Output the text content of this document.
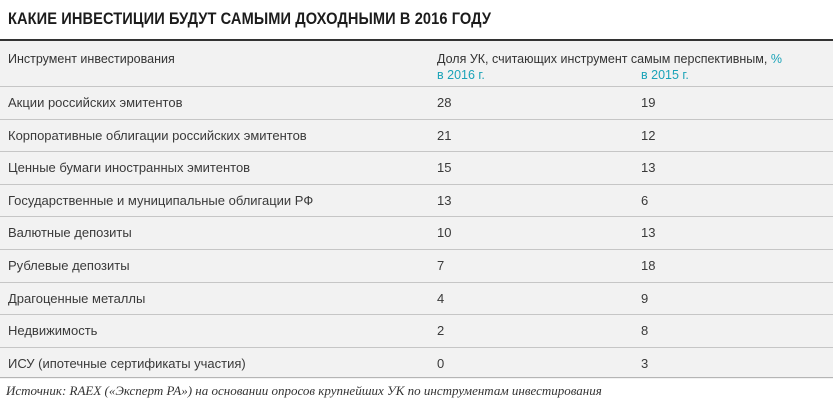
КАКИЕ ИНВЕСТИЦИИ БУДУТ САМЫМИ ДОХОДНЫМИ В 2016 ГОДУ
Инструмент инвестирования	Доля УК, считающих инструмент самым перспективным, %
в 2016 г.	в 2015 г.
Акции российских эмитентов	28	19
Корпоративные облигации российских эмитентов	21	12
Ценные бумаги иностранных эмитентов	15	13
Государственные и муниципальные облигации РФ	13	6
Валютные депозиты	10	13
Рублевые депозиты	7	18
Драгоценные металлы	4	9
Недвижимость	2	8
ИСУ (ипотечные сертификаты участия)	0	3
Источник: RAEX («Эксперт РА») на основании опросов крупнейших УК по инструментам инвестирования
